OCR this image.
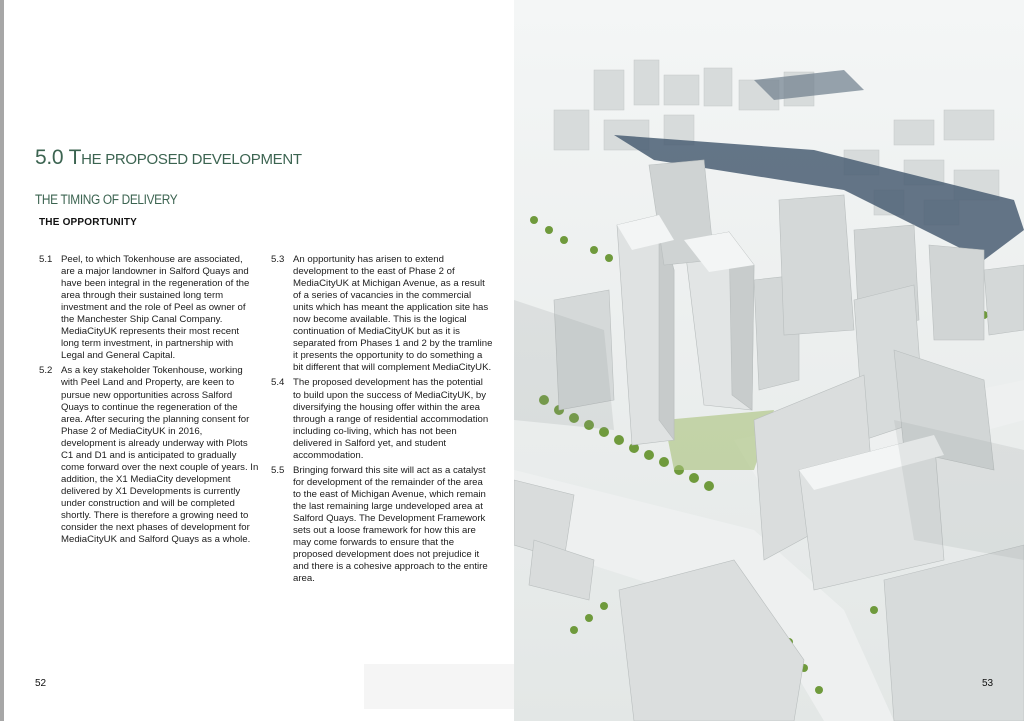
5.0 THE PROPOSED DEVELOPMENT
THE TIMING OF DELIVERY
THE OPPORTUNITY

5.1 Peel, to which Tokenhouse are associated, are a major landowner in Salford Quays and have been integral in the regeneration of the area through their sustained long term investment and the role of Peel as owner of the Manchester Ship Canal Company. MediaCityUK represents their most recent long term investment, in partnership with Legal and General Capital.

5.2 As a key stakeholder Tokenhouse, working with Peel Land and Property, are keen to pursue new opportunities across Salford Quays to continue the regeneration of the area. After securing the planning consent for Phase 2 of MediaCityUK in 2016, development is already underway with Plots C1 and D1 and is anticipated to gradually come forward over the next couple of years. In addition, the X1 MediaCity development delivered by X1 Developments is currently under construction and will be completed shortly. There is therefore a growing need to consider the next phases of development for MediaCityUK and Salford Quays as a whole.

5.3 An opportunity has arisen to extend development to the east of Phase 2 of MediaCityUK at Michigan Avenue, as a result of a series of vacancies in the commercial units which has meant the application site has now become available. This is the logical continuation of MediaCityUK but as it is separated from Phases 1 and 2 by the tramline it presents the opportunity to do something a bit different that will complement MediaCityUK.

5.4 The proposed development has the potential to build upon the success of MediaCityUK, by diversifying the housing offer within the area through a range of residential accommodation including co-living, which has not been delivered in Salford yet, and student accommodation.

5.5 Bringing forward this site will act as a catalyst for development of the remainder of the area to the east of Michigan Avenue, which remain the last remaining large undeveloped area at Salford Quays. The Development Framework sets out a loose framework for how this are may come forwards to ensure that the proposed development does not prejudice it and there is a cohesive approach to the entire area.

52	53
